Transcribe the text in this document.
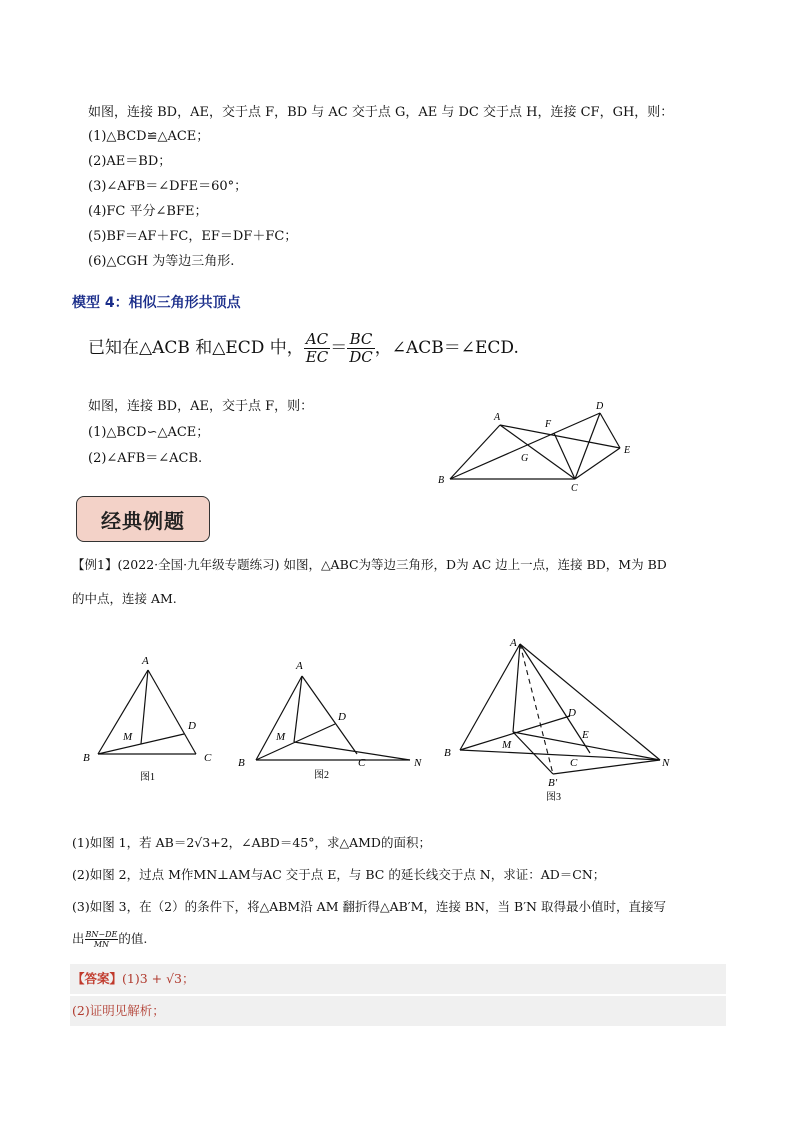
如图，连接 BD，AE，交于点 F，BD 与 AC 交于点 G，AE 与 DC 交于点 H，连接 CF，GH，则：
(1)△BCD≌△ACE；
(2)AE＝BD；
(3)∠AFB＝∠DFE＝60°；
(4)FC 平分∠BFE；
(5)BF＝AF＋FC，EF＝DF＋FC；
(6)△CGH 为等边三角形.
模型 4：相似三角形共顶点
已知在△ACB 和△ECD 中， $\frac{AC}{EC} = \frac{BC}{DC}$ ，∠ACB＝∠ECD.
如图，连接 BD，AE，交于点 F，则：
(1)△BCD∽△ACE；
(2)∠AFB＝∠ACB.
B
A
C
D
E
F
G
经典例题
【例1】(2022·全国·九年级专题练习) 如图，△ABC为等边三角形，D为 AC 边上一点，连接 BD，M为 BD
的中点，连接 AM.
A
B	C
D
M
图1
A
B	C
D
M
N
图2
A
B
C
D
E
M
N
B′
图3
(1)如图 1，若 AB＝2√3+2，∠ABD＝45°，求△AMD的面积；
(2)如图 2，过点 M作MN⊥AM与AC 交于点 E，与 BC 的延长线交于点 N，求证：AD＝CN；
(3)如图 3，在（2）的条件下，将△ABM沿 AM 翻折得△AB′M，连接 BN，当 B′N 取得最小值时，直接写
出 $\frac{BN-DE}{MN}$ 的值.
【答案】(1)3 + √3；
(2)证明见解析；
